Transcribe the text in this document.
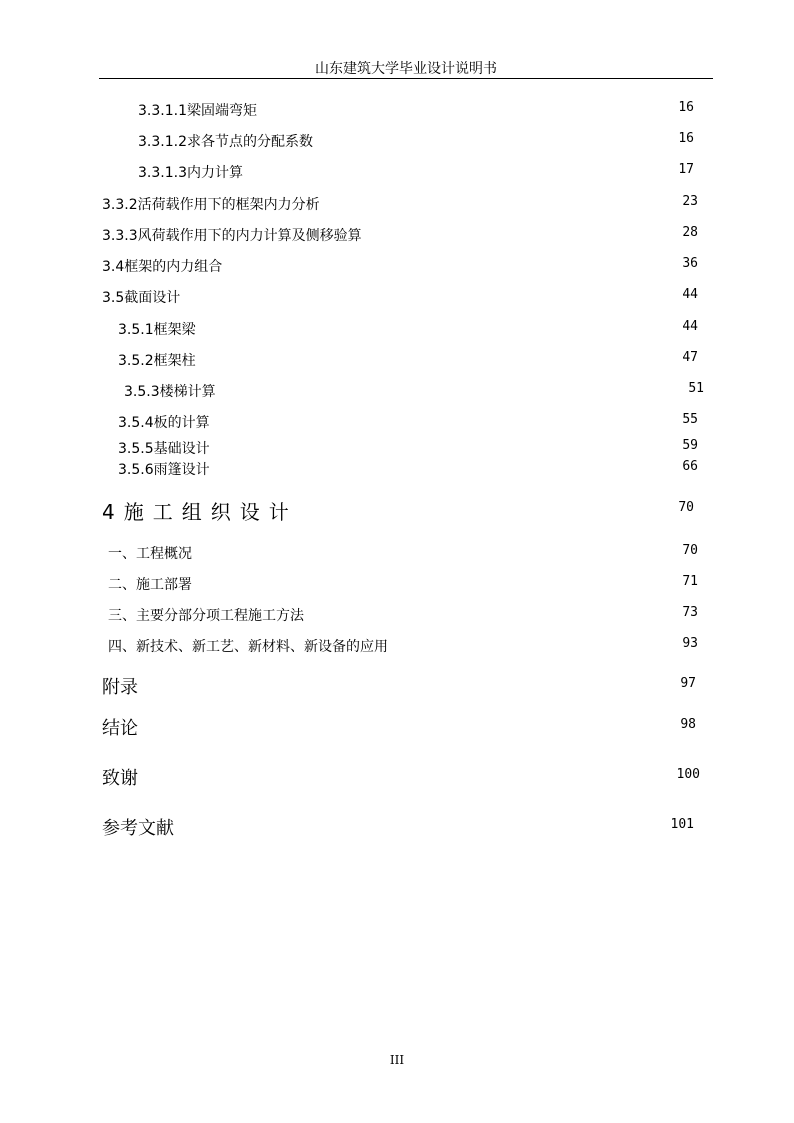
山东建筑大学毕业设计说明书
3.3.1.1梁固端弯矩	16
3.3.1.2求各节点的分配系数	16
3.3.1.3内力计算	17
3.3.2活荷载作用下的框架内力分析	23
3.3.3风荷载作用下的内力计算及侧移验算	28
3.4框架的内力组合	36
3.5截面设计	44
3.5.1框架梁	44
3.5.2框架柱	47
3.5.3楼梯计算	51
3.5.4板的计算	55
3.5.5基础设计	59
3.5.6雨篷设计	66
4施工组织设计	70
一、工程概况	70
二、施工部署	71
三、主要分部分项工程施工方法	73
四、新技术、新工艺、新材料、新设备的应用	93
附录	97
结论	98
致谢	100
参考文献	101
III
